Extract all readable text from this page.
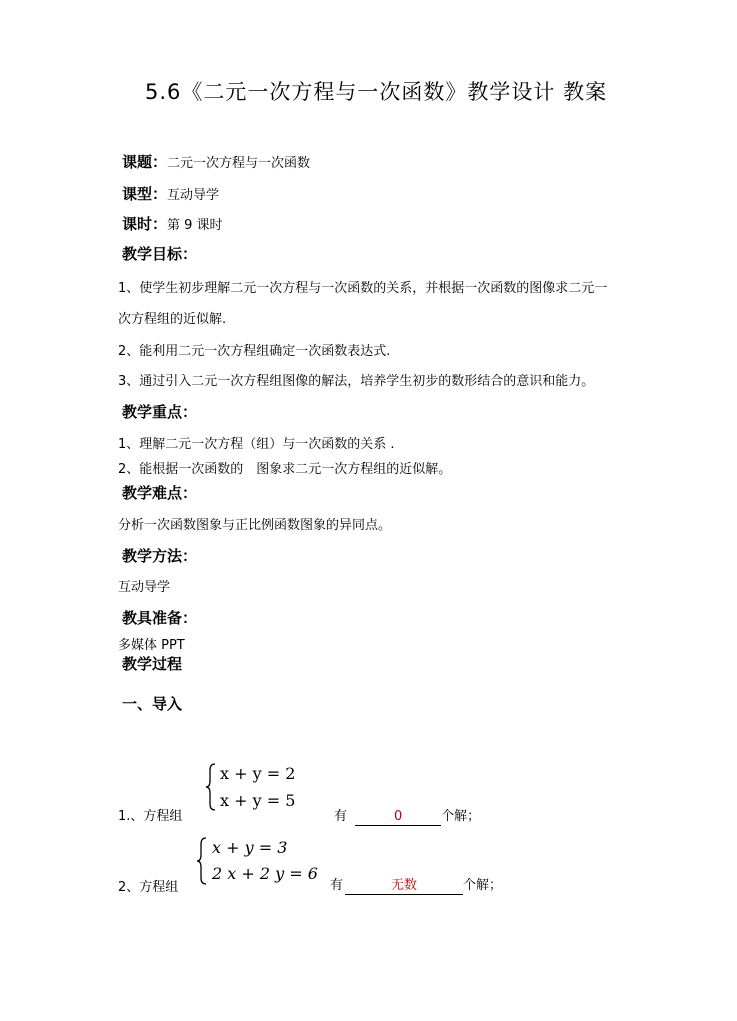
5.6《二元一次方程与一次函数》教学设计 教案
课题：二元一次方程与一次函数
课型：互动导学
课时：第 9 课时
教学目标：
1、使学生初步理解二元一次方程与一次函数的关系，并根据一次函数的图像求二元一
次方程组的近似解.
2、能利用二元一次方程组确定一次函数表达式.
3、通过引入二元一次方程组图像的解法，培养学生初步的数形结合的意识和能力。
教学重点：
1、理解二元一次方程（组）与一次函数的关系 .
2、能根据一次函数的　图象求二元一次方程组的近似解。
教学难点：
分析一次函数图象与正比例函数图象的异同点。
教学方法：
互动导学
教具准备：
多媒体 PPT
教学过程
一、导入
x + y = 2
x + y = 5
1.、方程组	有	0	个解；
x + y = 3
2 x + 2 y = 6
2、方程组	有	无数	个解；
